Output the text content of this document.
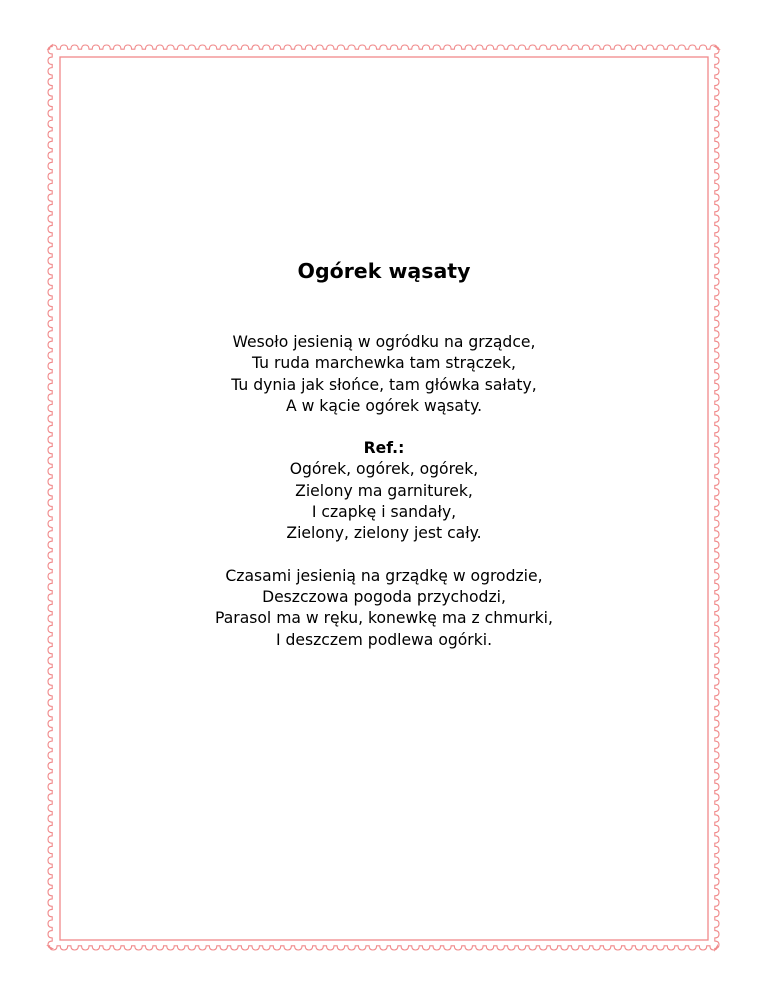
Ogórek wąsaty
Wesoło jesienią w ogródku na grządce,
Tu ruda marchewka tam strączek,
Tu dynia jak słońce, tam główka sałaty,
A w kącie ogórek wąsaty.
Ref.:
Ogórek, ogórek, ogórek,
Zielony ma garniturek,
I czapkę i sandały,
Zielony, zielony jest cały.
Czasami jesienią na grządkę w ogrodzie,
Deszczowa pogoda przychodzi,
Parasol ma w ręku, konewkę ma z chmurki,
I deszczem podlewa ogórki.
